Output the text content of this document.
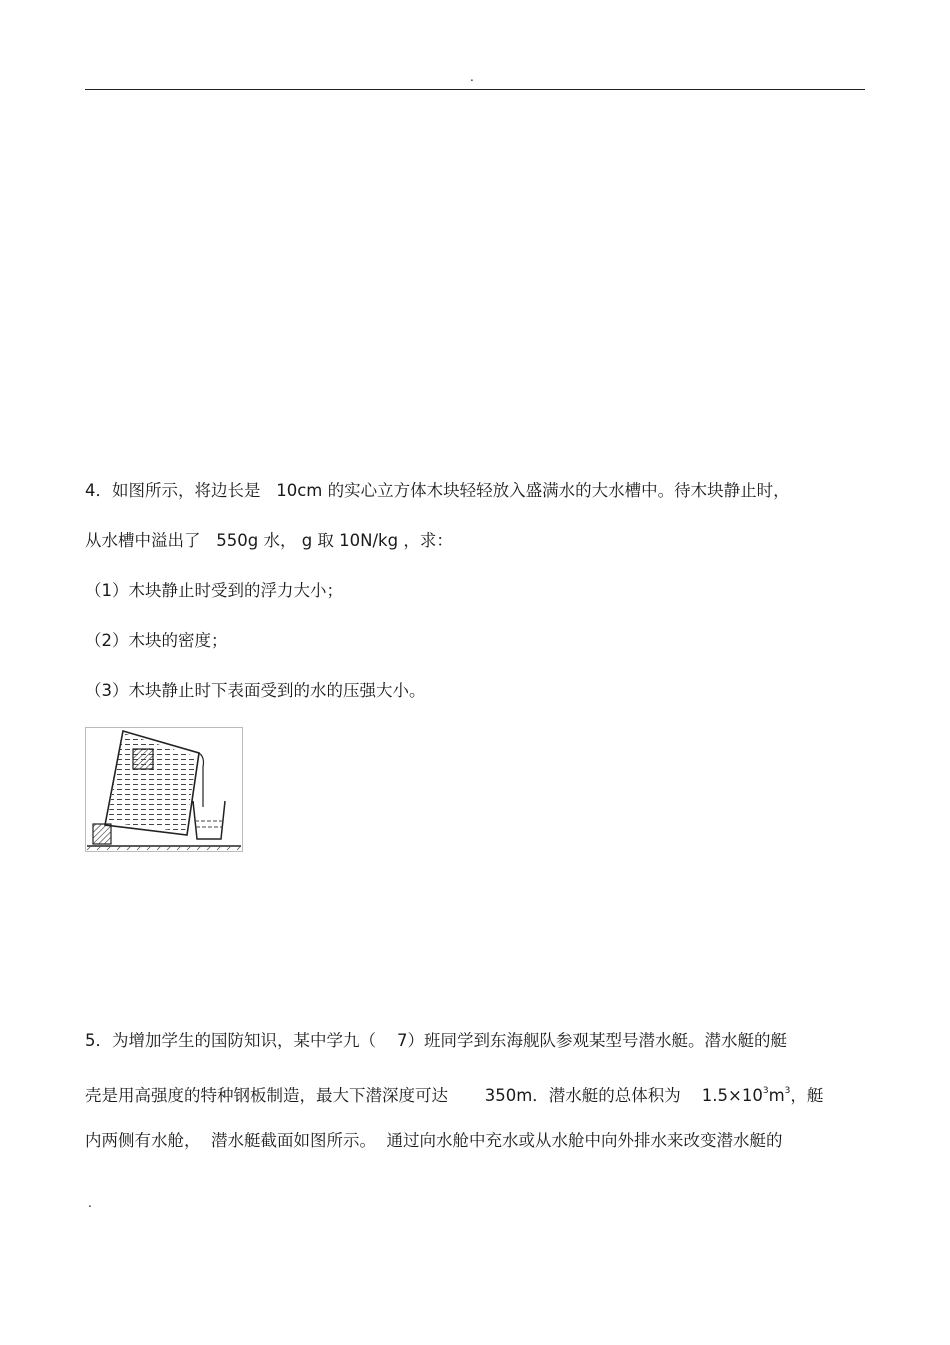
.
4．如图所示，将边长是   10cm 的实心立方体木块轻轻放入盛满水的大水槽中。待木块静止时，
从水槽中溢出了   550g 水， g 取 10N/kg ，求：
（1）木块静止时受到的浮力大小；
（2）木块的密度；
（3）木块静止时下表面受到的水的压强大小。
5．为增加学生的国防知识，某中学九（    7）班同学到东海舰队参观某型号潜水艇。潜水艇的艇
壳是用高强度的特种钢板制造，最大下潜深度可达       350m．潜水艇的总体积为    $1.5\times 10^3m^3$，艇
内两侧有水舱，  潜水艇截面如图所示。  通过向水舱中充水或从水舱中向外排水来改变潜水艇的
.
